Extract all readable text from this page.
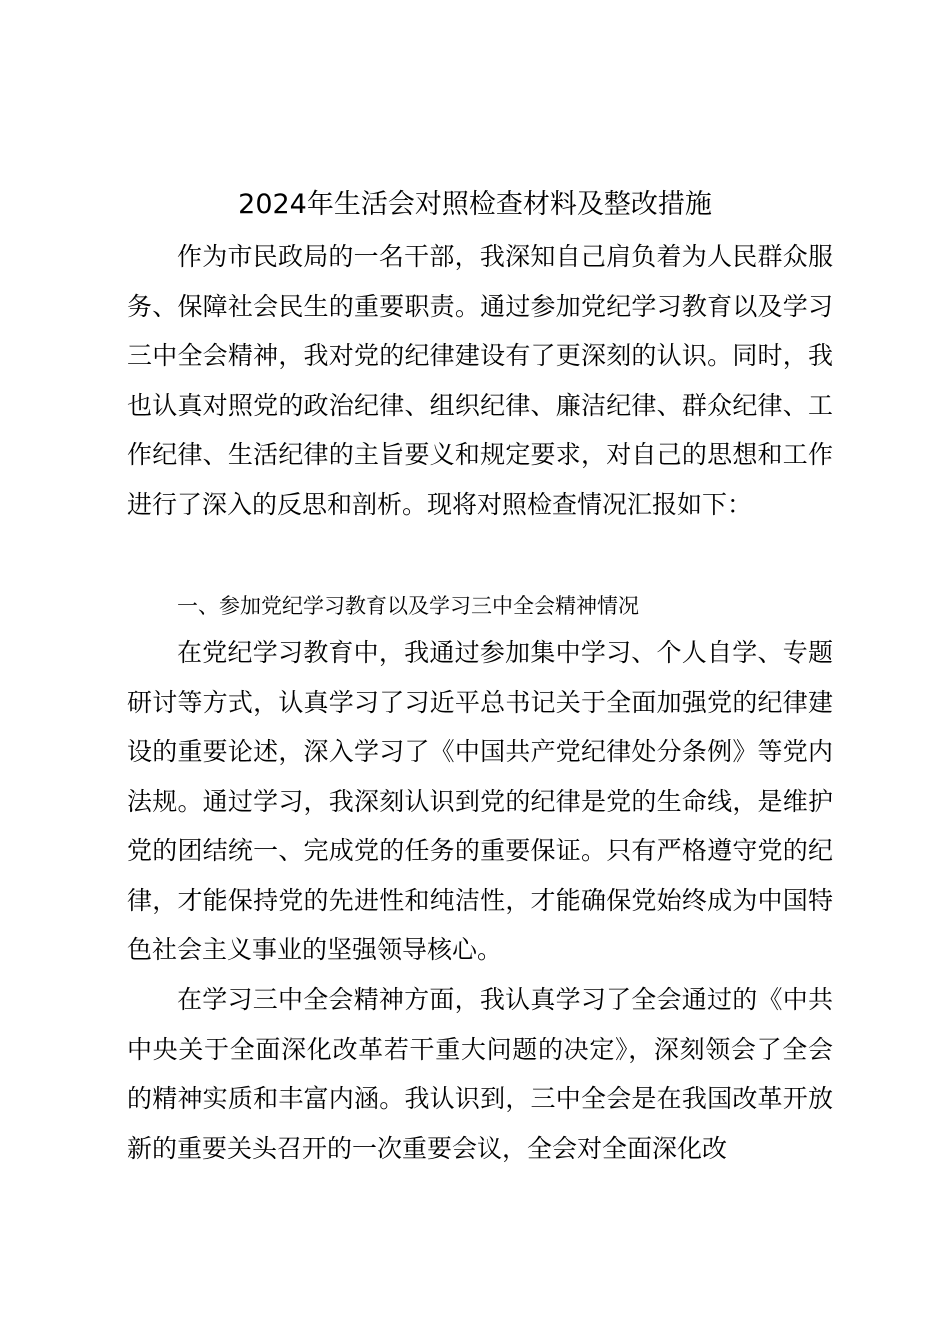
2024年生活会对照检查材料及整改措施

作为市民政局的一名干部，我深知自己肩负着为人民群众服务、保障社会民生的重要职责。通过参加党纪学习教育以及学习三中全会精神，我对党的纪律建设有了更深刻的认识。同时，我也认真对照党的政治纪律、组织纪律、廉洁纪律、群众纪律、工作纪律、生活纪律的主旨要义和规定要求，对自己的思想和工作进行了深入的反思和剖析。现将对照检查情况汇报如下：

一、参加党纪学习教育以及学习三中全会精神情况

在党纪学习教育中，我通过参加集中学习、个人自学、专题研讨等方式，认真学习了习近平总书记关于全面加强党的纪律建设的重要论述，深入学习了《中国共产党纪律处分条例》等党内法规。通过学习，我深刻认识到党的纪律是党的生命线，是维护党的团结统一、完成党的任务的重要保证。只有严格遵守党的纪律，才能保持党的先进性和纯洁性，才能确保党始终成为中国特色社会主义事业的坚强领导核心。

在学习三中全会精神方面，我认真学习了全会通过的《中共中央关于全面深化改革若干重大问题的决定》，深刻领会了全会的精神实质和丰富内涵。我认识到，三中全会是在我国改革开放新的重要关头召开的一次重要会议，全会对全面深化改
